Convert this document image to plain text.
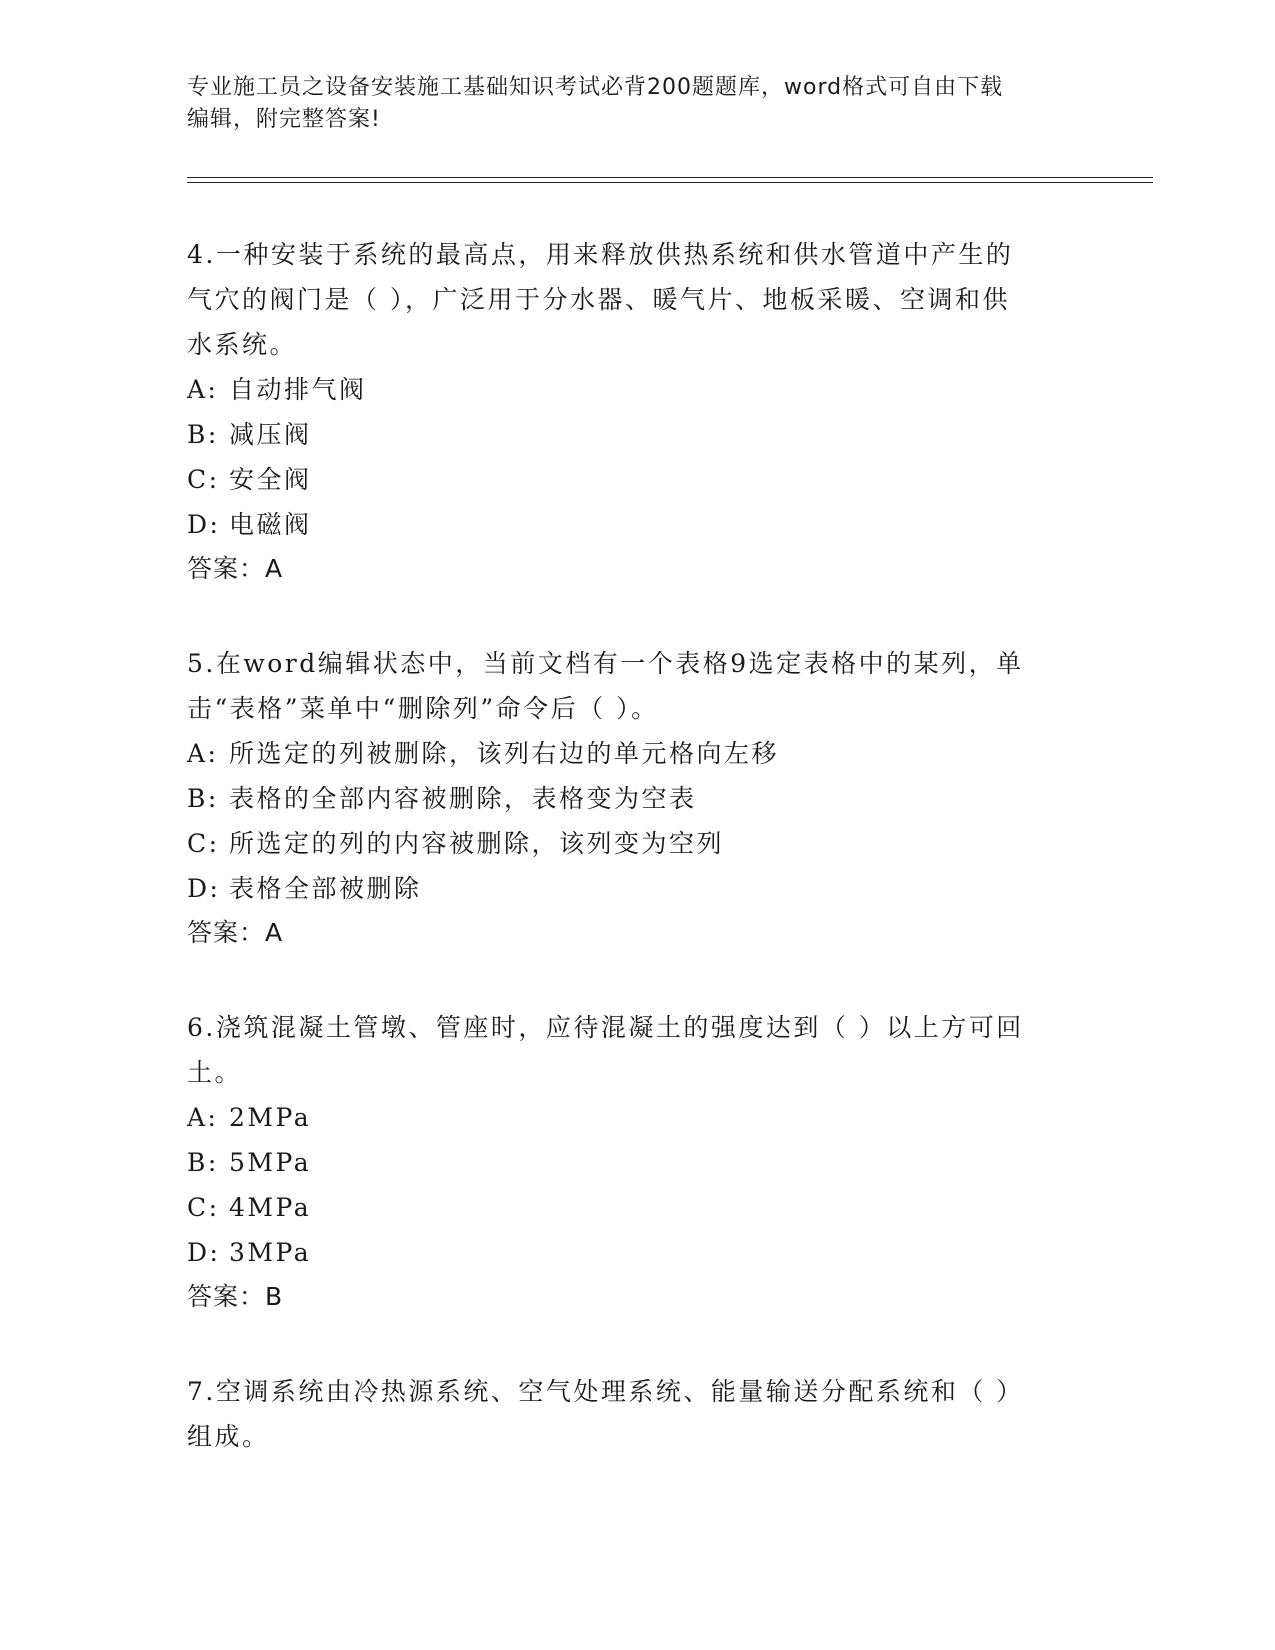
专业施工员之设备安装施工基础知识考试必背200题题库，word格式可自由下载
编辑，附完整答案!

4.一种安装于系统的最高点，用来释放供热系统和供水管道中产生的

气穴的阀门是（ ），广泛用于分水器、暖气片、地板采暖、空调和供

水系统。

A: 自动排气阀

B: 减压阀

C: 安全阀

D: 电磁阀

答案：A

5.在word编辑状态中，当前文档有一个表格9选定表格中的某列，单

击“表格”菜单中“删除列”命令后（ ）。

A: 所选定的列被删除，该列右边的单元格向左移

B: 表格的全部内容被删除，表格变为空表

C: 所选定的列的内容被删除，该列变为空列

D: 表格全部被删除

答案：A

6.浇筑混凝土管墩、管座时，应待混凝土的强度达到（ ）以上方可回

土。

A: 2MPa

B: 5MPa

C: 4MPa

D: 3MPa

答案：B

7.空调系统由冷热源系统、空气处理系统、能量输送分配系统和（ ）

组成。
